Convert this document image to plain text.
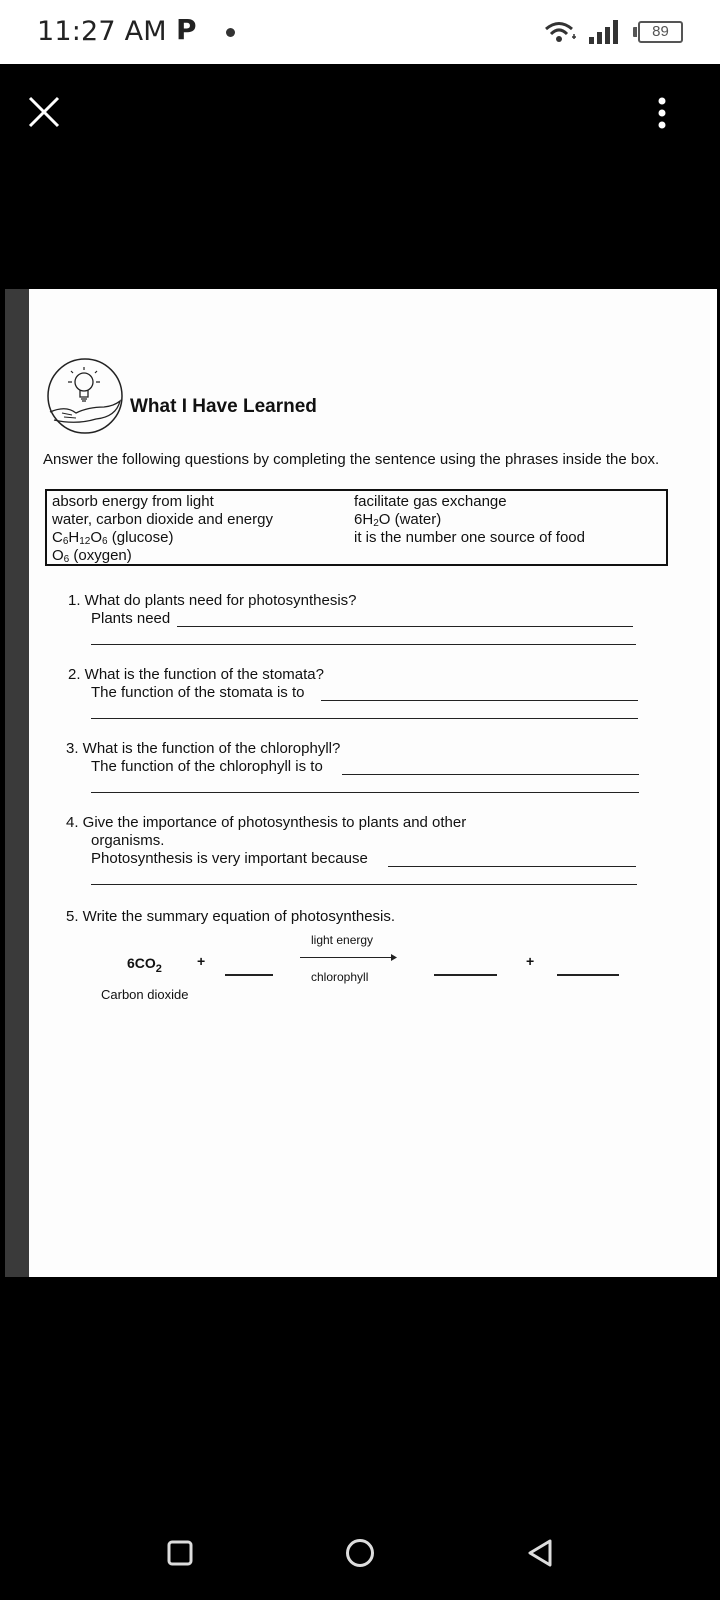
11:27 AM P	89
What I Have Learned
Answer the following questions by completing the sentence using the phrases inside the box.
absorb energy from light
water, carbon dioxide and energy
$C_6H_{12}O_6$ (glucose)
$O_6$ (oxygen)
facilitate gas exchange
$6H_2O$ (water)
it is the number one source of food
1. What do plants need for photosynthesis?
Plants need
2. What is the function of the stomata?
The function of the stomata is to
3. What is the function of the chlorophyll?
The function of the chlorophyll is to
4. Give the importance of photosynthesis to plants and other
organisms.
Photosynthesis is very important because
5. Write the summary equation of photosynthesis.
$6CO_2$
Carbon dioxide
+
light energy
chlorophyll
+
